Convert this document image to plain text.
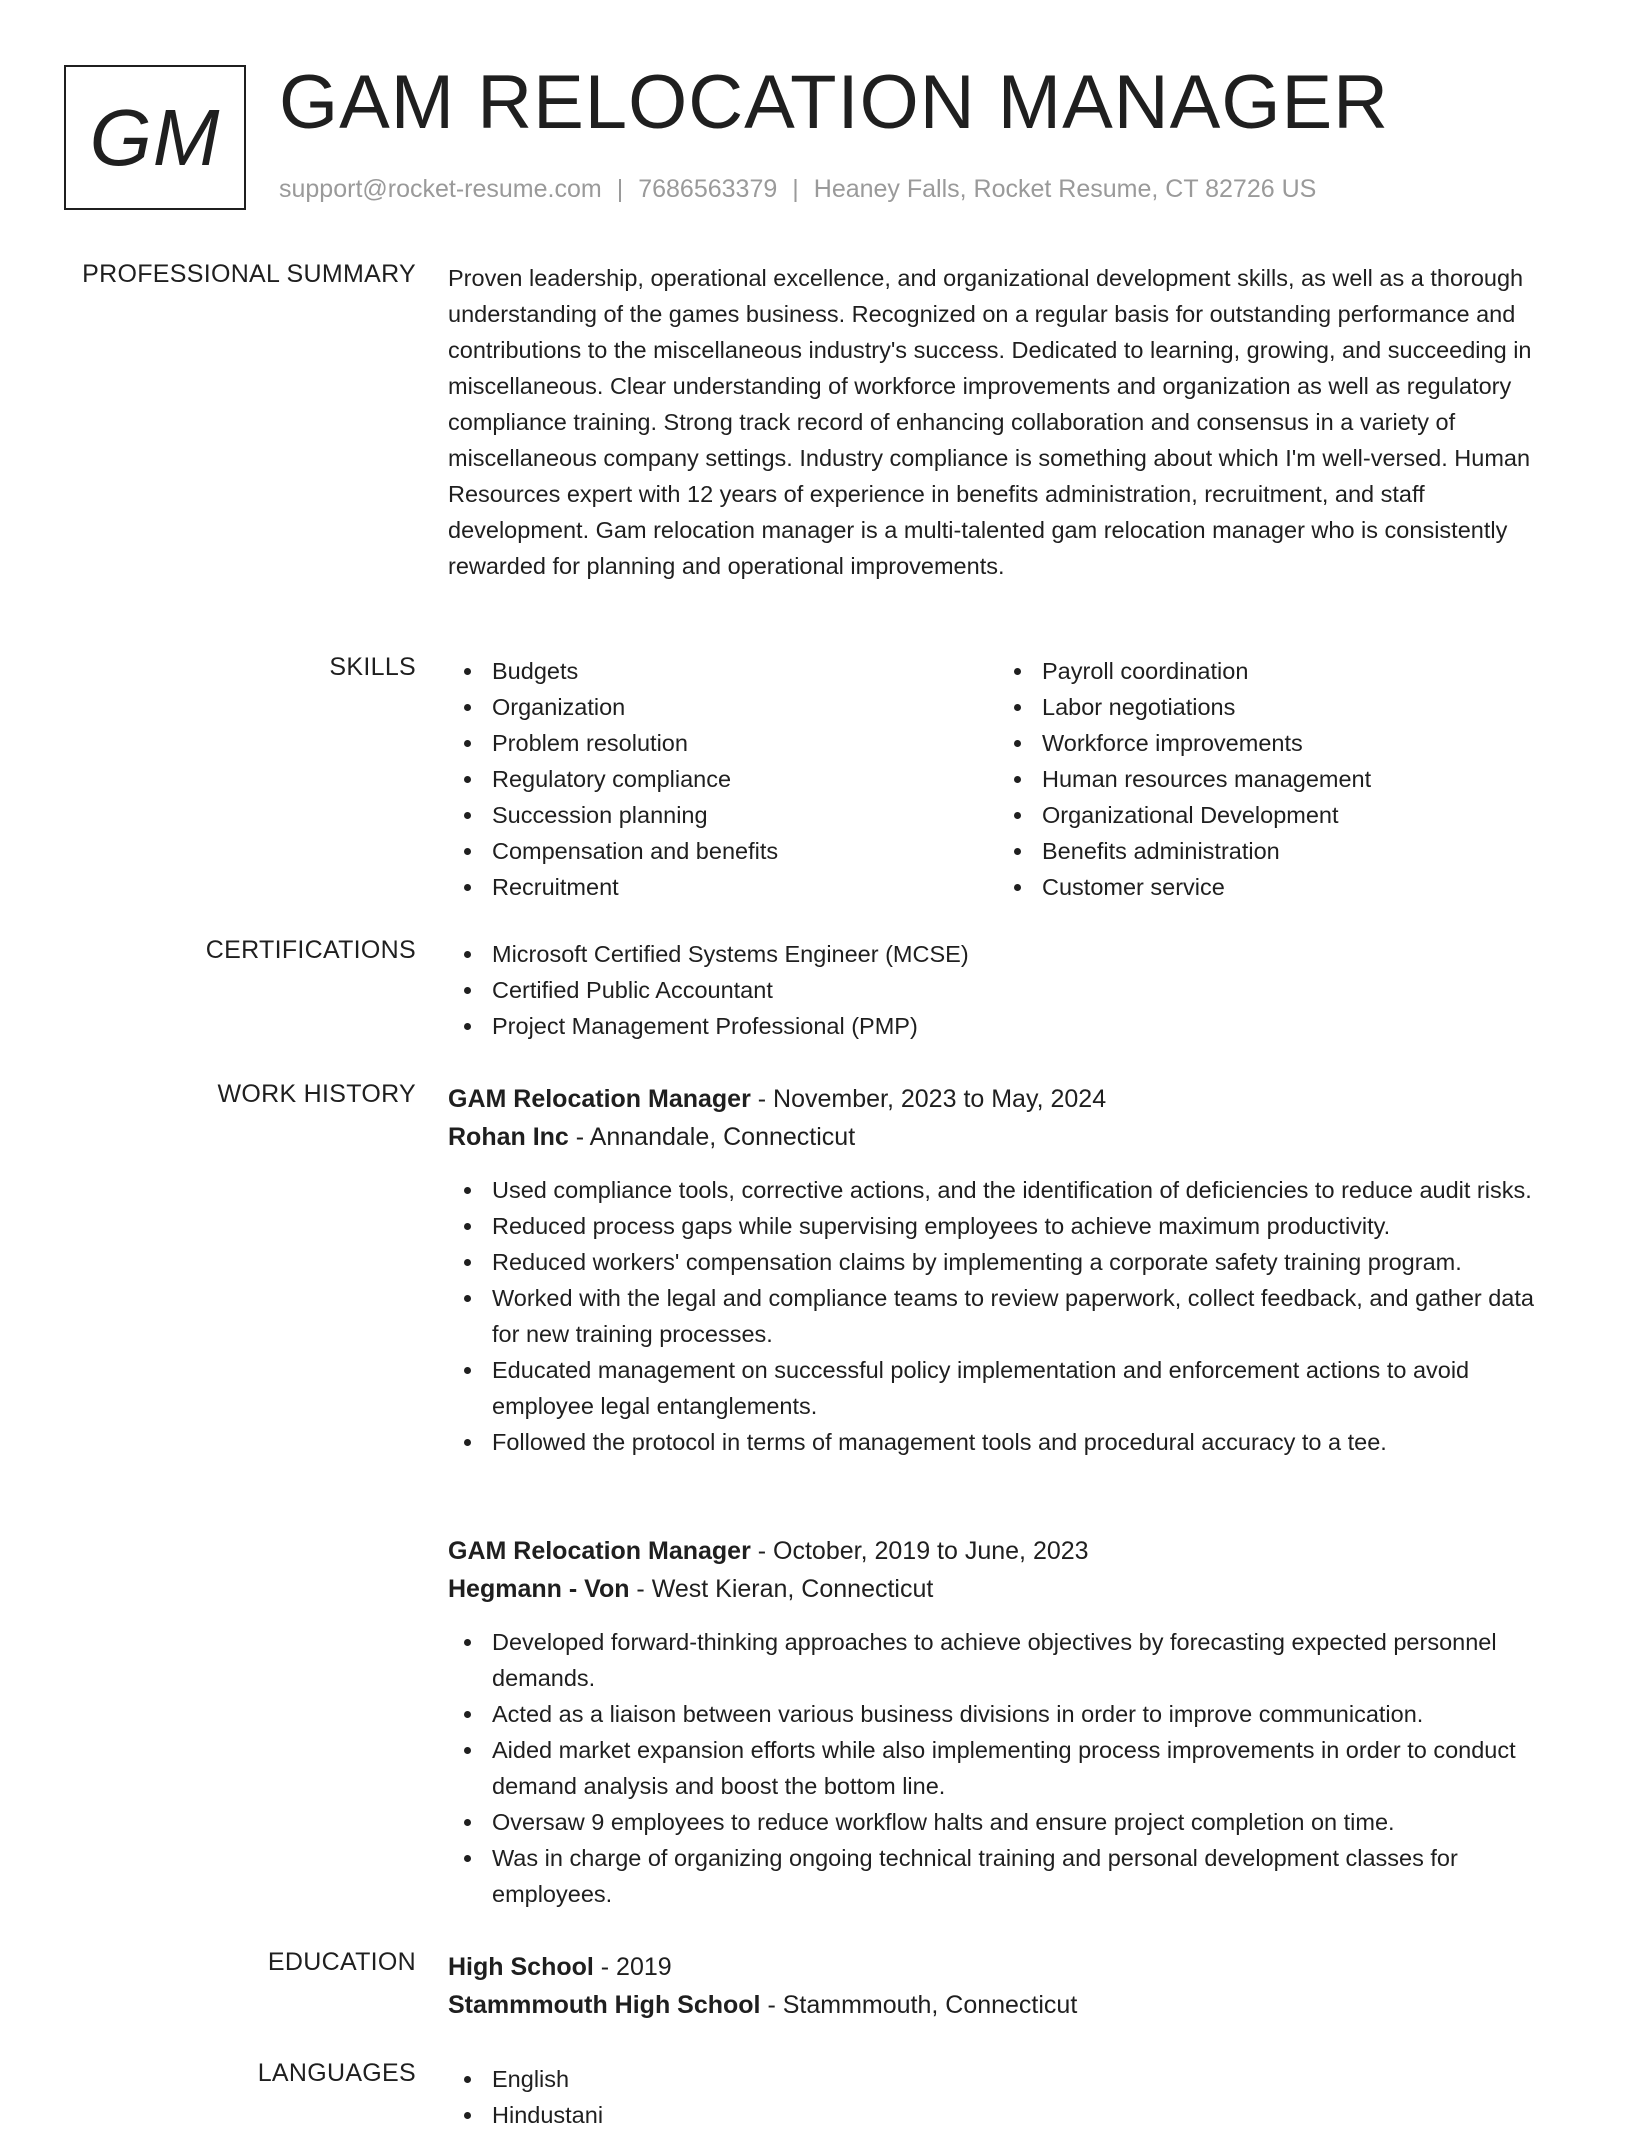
GM GAM RELOCATION MANAGER
support@rocket-resume.com | 7686563379 | Heaney Falls, Rocket Resume, CT 82726 US
PROFESSIONAL SUMMARY Proven leadership, operational excellence, and organizational development skills, as well as a thorough understanding of the games business. Recognized on a regular basis for outstanding performance and contributions to the miscellaneous industry's success. Dedicated to learning, growing, and succeeding in miscellaneous. Clear understanding of workforce improvements and organization as well as regulatory compliance training. Strong track record of enhancing collaboration and consensus in a variety of miscellaneous company settings. Industry compliance is something about which I'm well-versed. Human Resources expert with 12 years of experience in benefits administration, recruitment, and staff development. Gam relocation manager is a multi-talented gam relocation manager who is consistently rewarded for planning and operational improvements.
SKILLS	Budgets
Organization
Problem resolution
Regulatory compliance
Succession planning
Compensation and benefits
Recruitment
Payroll coordination
Labor negotiations
Workforce improvements
Human resources management
Organizational Development
Benefits administration
Customer service
CERTIFICATIONS	Microsoft Certified Systems Engineer (MCSE)
Certified Public Accountant
Project Management Professional (PMP)
WORK HISTORY GAM Relocation Manager - November, 2023 to May, 2024
Rohan Inc - Annandale, Connecticut
Used compliance tools, corrective actions, and the identification of deficiencies to reduce audit risks.
Reduced process gaps while supervising employees to achieve maximum productivity.
Reduced workers' compensation claims by implementing a corporate safety training program.
Worked with the legal and compliance teams to review paperwork, collect feedback, and gather data for new training processes.
Educated management on successful policy implementation and enforcement actions to avoid employee legal entanglements.
Followed the protocol in terms of management tools and procedural accuracy to a tee.
GAM Relocation Manager - October, 2019 to June, 2023
Hegmann - Von - West Kieran, Connecticut
Developed forward-thinking approaches to achieve objectives by forecasting expected personnel demands.
Acted as a liaison between various business divisions in order to improve communication.
Aided market expansion efforts while also implementing process improvements in order to conduct demand analysis and boost the bottom line.
Oversaw 9 employees to reduce workflow halts and ensure project completion on time.
Was in charge of organizing ongoing technical training and personal development classes for employees.
EDUCATION High School - 2019
Stammmouth High School - Stammmouth, Connecticut
LANGUAGES	English
Hindustani
